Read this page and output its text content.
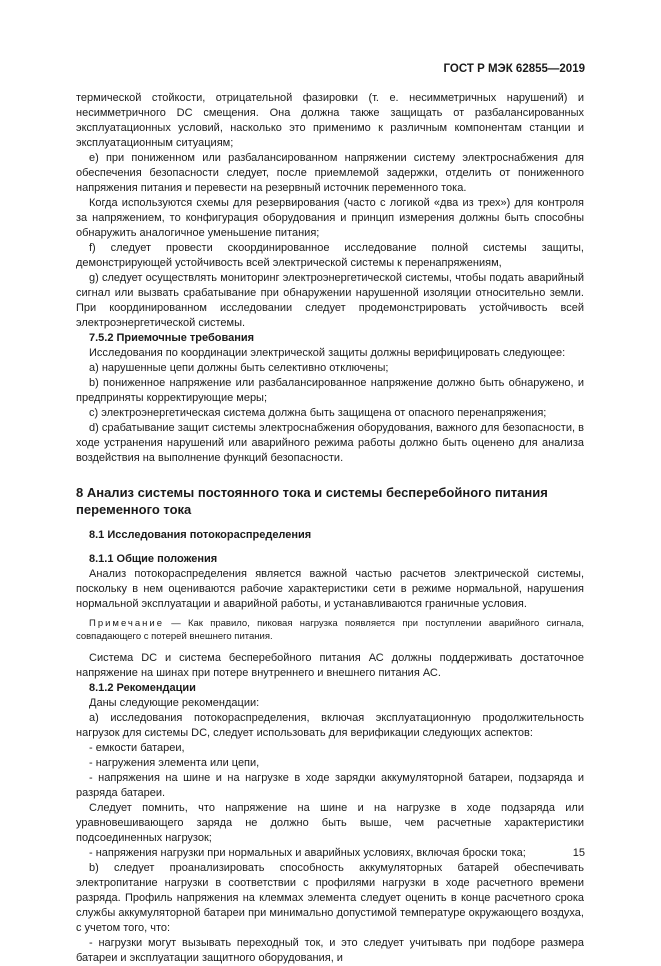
ГОСТ Р МЭК 62855—2019

термической стойкости, отрицательной фазировки (т. е. несимметричных нарушений) и несимметричного DC смещения. Она должна также защищать от разбалансированных эксплуатационных условий, насколько это применимо к различным компонентам станции и эксплуатационным ситуациям;

e) при пониженном или разбалансированном напряжении систему электроснабжения для обеспечения безопасности следует, после приемлемой задержки, отделить от пониженного напряжения питания и перевести на резервный источник переменного тока.

Когда используются схемы для резервирования (часто с логикой «два из трех») для контроля за напряжением, то конфигурация оборудования и принцип измерения должны быть способны обнаружить аналогичное уменьшение питания;

f) следует провести скоординированное исследование полной системы защиты, демонстрирующей устойчивость всей электрической системы к перенапряжениям,

g) следует осуществлять мониторинг электроэнергетической системы, чтобы подать аварийный сигнал или вызвать срабатывание при обнаружении нарушенной изоляции относительно земли. При координированном исследовании следует продемонстрировать устойчивость всей электроэнергетической системы.

7.5.2 Приемочные требования

Исследования по координации электрической защиты должны верифицировать следующее:

a) нарушенные цепи должны быть селективно отключены;

b) пониженное напряжение или разбалансированное напряжение должно быть обнаружено, и предприняты корректирующие меры;

c) электроэнергетическая система должна быть защищена от опасного перенапряжения;

d) срабатывание защит системы электроснабжения оборудования, важного для безопасности, в ходе устранения нарушений или аварийного режима работы должно быть оценено для анализа воздействия на выполнение функций безопасности.

8 Анализ системы постоянного тока и системы бесперебойного питания переменного тока

8.1 Исследования потокораспределения

8.1.1 Общие положения

Анализ потокораспределения является важной частью расчетов электрической системы, поскольку в нем оцениваются рабочие характеристики сети в режиме нормальной, нарушения нормальной эксплуатации и аварийной работы, и устанавливаются граничные условия.

Примечание — Как правило, пиковая нагрузка появляется при поступлении аварийного сигнала, совпадающего с потерей внешнего питания.

Система DC и система бесперебойного питания АС должны поддерживать достаточное напряжение на шинах при потере внутреннего и внешнего питания АС.

8.1.2 Рекомендации

Даны следующие рекомендации:

a) исследования потокораспределения, включая эксплуатационную продолжительность нагрузок для системы DC, следует использовать для верификации следующих аспектов:

- емкости батареи,

- нагружения элемента или цепи,

- напряжения на шине и на нагрузке в ходе зарядки аккумуляторной батареи, подзаряда и разряда батареи.

Следует помнить, что напряжение на шине и на нагрузке в ходе подзаряда или уравновешивающего заряда не должно быть выше, чем расчетные характеристики подсоединенных нагрузок;

- напряжения нагрузки при нормальных и аварийных условиях, включая броски тока;

b) следует проанализировать способность аккумуляторных батарей обеспечивать электропитание нагрузки в соответствии с профилями нагрузки в ходе расчетного времени разряда. Профиль напряжения на клеммах элемента следует оценить в конце расчетного срока службы аккумуляторной батареи при минимально допустимой температуре окружающего воздуха, с учетом того, что:

- нагрузки могут вызывать переходный ток, и это следует учитывать при подборе размера батареи и эксплуатации защитного оборудования, и

15
